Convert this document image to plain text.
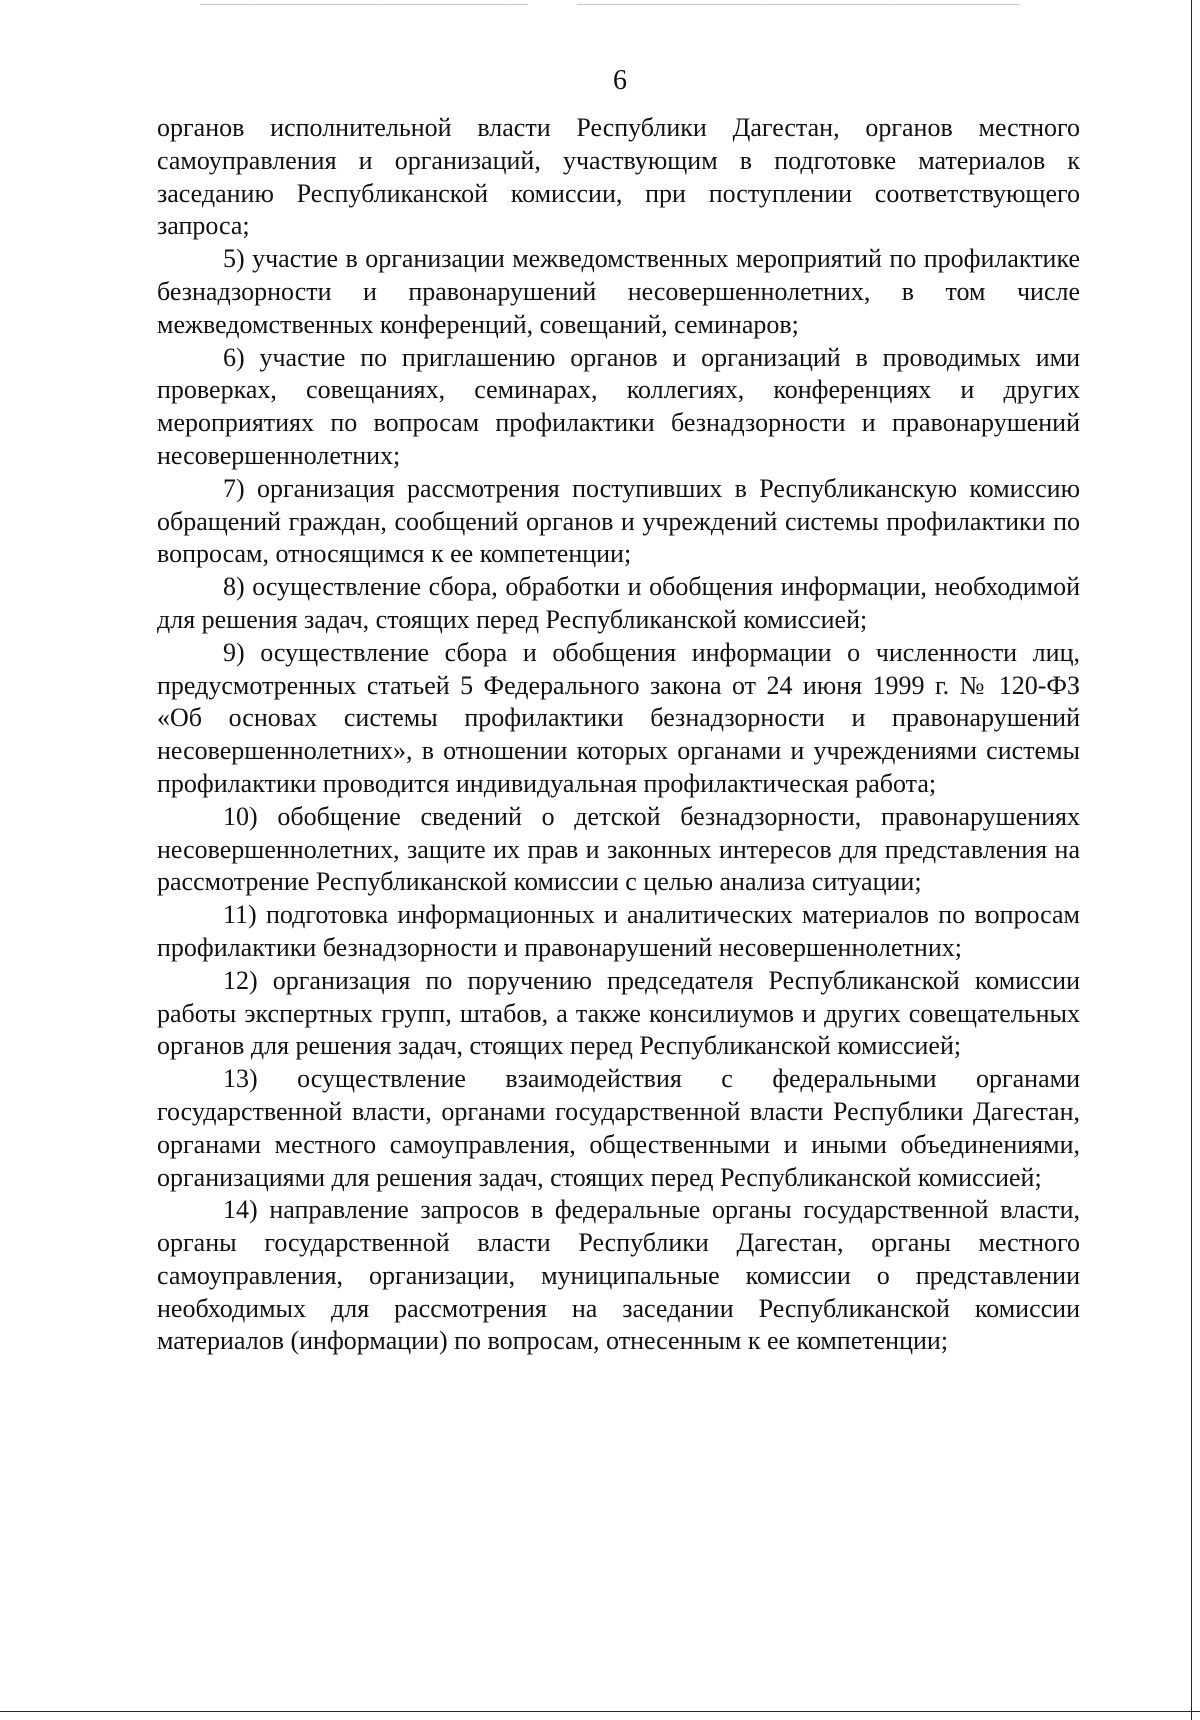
6

органов исполнительной власти Республики Дагестан, органов местного самоуправления и организаций, участвующим в подготовке материалов к заседанию Республиканской комиссии, при поступлении соответствующего запроса;

5) участие в организации межведомственных мероприятий по профилактике безнадзорности и правонарушений несовершеннолетних, в том числе межведомственных конференций, совещаний, семинаров;

6) участие по приглашению органов и организаций в проводимых ими проверках, совещаниях, семинарах, коллегиях, конференциях и других мероприятиях по вопросам профилактики безнадзорности и правонарушений несовершеннолетних;

7) организация рассмотрения поступивших в Республиканскую комиссию обращений граждан, сообщений органов и учреждений системы профилактики по вопросам, относящимся к ее компетенции;

8) осуществление сбора, обработки и обобщения информации, необходимой для решения задач, стоящих перед Республиканской комиссией;

9) осуществление сбора и обобщения информации о численности лиц, предусмотренных статьей 5 Федерального закона от 24 июня 1999 г. № 120-ФЗ «Об основах системы профилактики безнадзорности и правонарушений несовершеннолетних», в отношении которых органами и учреждениями системы профилактики проводится индивидуальная профилактическая работа;

10) обобщение сведений о детской безнадзорности, правонарушениях несовершеннолетних, защите их прав и законных интересов для представления на рассмотрение Республиканской комиссии с целью анализа ситуации;

11) подготовка информационных и аналитических материалов по вопросам профилактики безнадзорности и правонарушений несовершеннолетних;

12) организация по поручению председателя Республиканской комиссии работы экспертных групп, штабов, а также консилиумов и других совещательных органов для решения задач, стоящих перед Республиканской комиссией;

13) осуществление взаимодействия с федеральными органами государственной власти, органами государственной власти Республики Дагестан, органами местного самоуправления, общественными и иными объединениями, организациями для решения задач, стоящих перед Республиканской комиссией;

14) направление запросов в федеральные органы государственной власти, органы государственной власти Республики Дагестан, органы местного самоуправления, организации, муниципальные комиссии о представлении необходимых для рассмотрения на заседании Республиканской комиссии материалов (информации) по вопросам, отнесенным к ее компетенции;
